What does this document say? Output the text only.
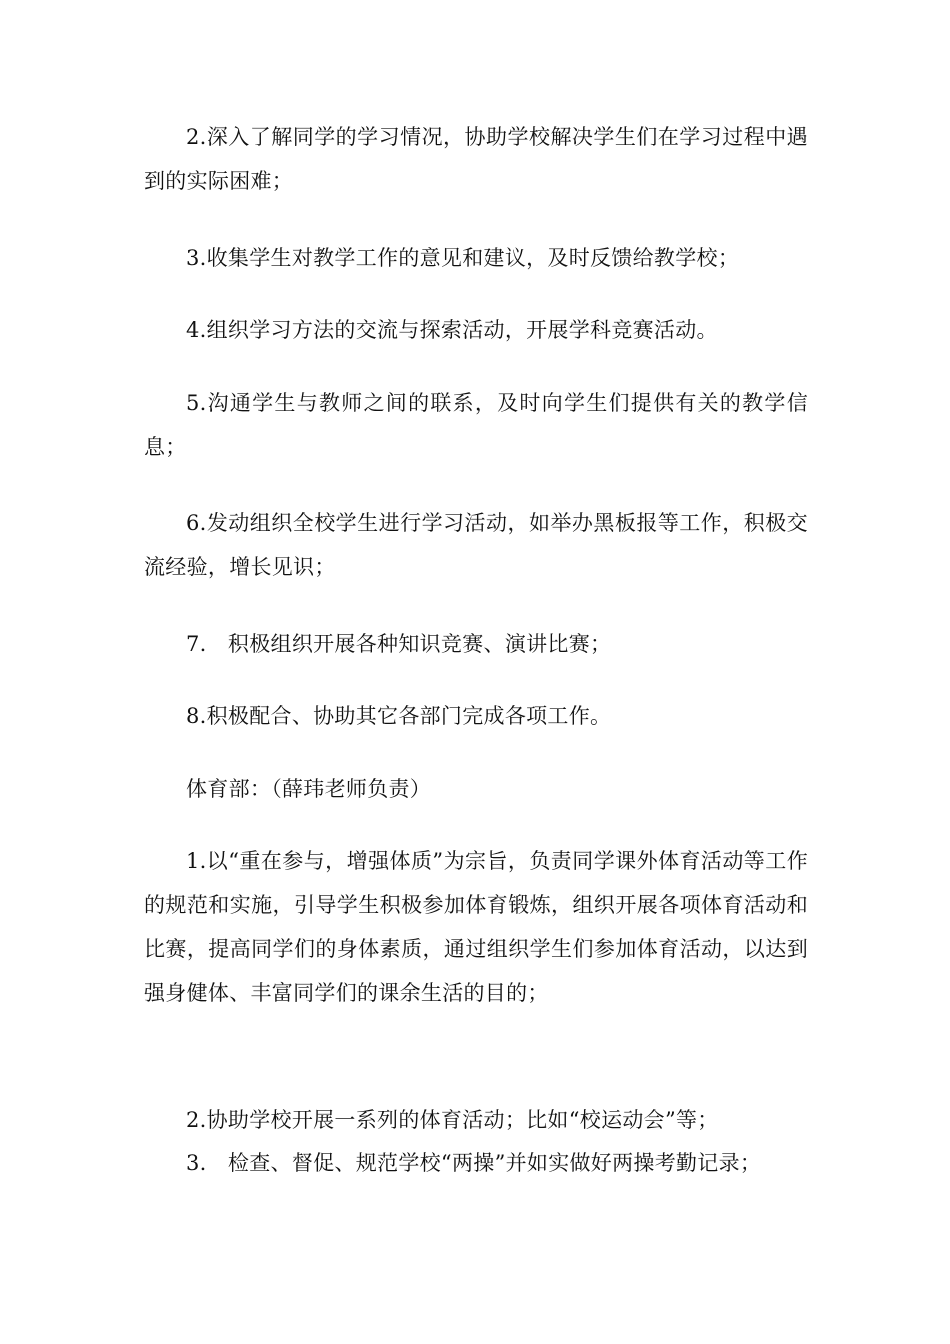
2.深入了解同学的学习情况，协助学校解决学生们在学习过程中遇到的实际困难；

3.收集学生对教学工作的意见和建议，及时反馈给教学校；

4.组织学习方法的交流与探索活动，开展学科竞赛活动。

5.沟通学生与教师之间的联系，及时向学生们提供有关的教学信息；

6.发动组织全校学生进行学习活动，如举办黑板报等工作，积极交流经验，增长见识；

7.　积极组织开展各种知识竞赛、演讲比赛；

8.积极配合、协助其它各部门完成各项工作。

体育部：（薛玮老师负责）

1.以“重在参与，增强体质”为宗旨，负责同学课外体育活动等工作的规范和实施，引导学生积极参加体育锻炼，组织开展各项体育活动和比赛，提高同学们的身体素质，通过组织学生们参加体育活动，以达到强身健体、丰富同学们的课余生活的目的；

2.协助学校开展一系列的体育活动；比如“校运动会”等；

3.　检查、督促、规范学校“两操”并如实做好两操考勤记录；
